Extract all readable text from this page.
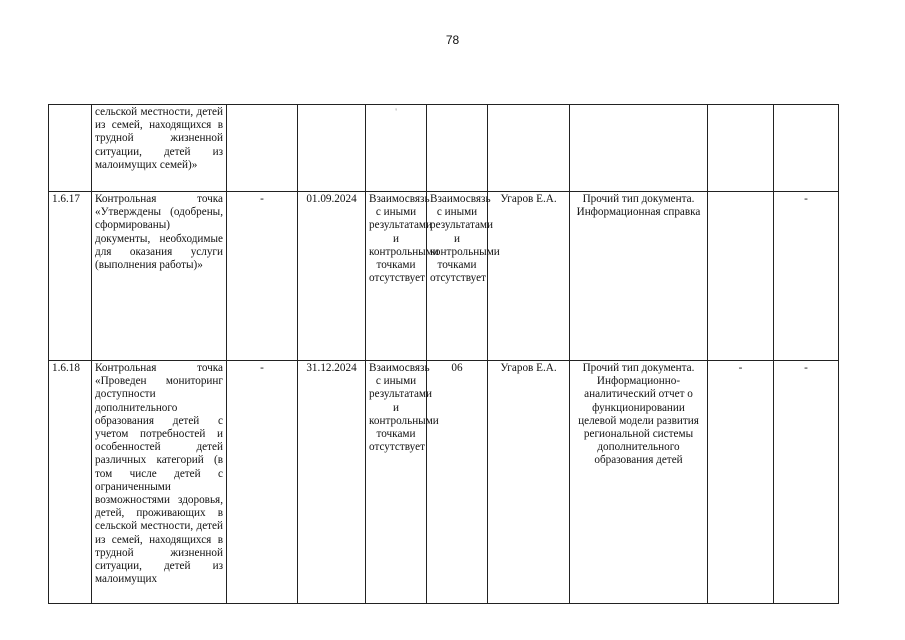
78
	сельской местности, детей из семей, находящихся в трудной жизненной ситуации, детей из малоимущих семей)»			'					
1.6.17	Контрольная точка «Утверждены (одобрены, сформированы) документы, необходимые для оказания услуги (выполнения работы)»	-	01.09.2024	Взаимосвязь с иными результатами и контрольными точками отсутствует	Взаимосвязь с иными результатами и контрольными точками отсутствует	Угаров Е.А.	Прочий тип документа. Информационная справка		-
1.6.18	Контрольная точка «Проведен мониторинг доступности дополнительного образования детей с учетом потребностей и особенностей детей различных категорий (в том числе детей с ограниченными возможностями здоровья, детей, проживающих в сельской местности, детей из семей, находящихся в трудной жизненной ситуации, детей из малоимущих	-	31.12.2024	Взаимосвязь с иными результатами и контрольными точками отсутствует	06	Угаров Е.А.	Прочий тип документа. Информационно-аналитический отчет о функционировании целевой модели развития региональной системы дополнительного образования детей	-	-
